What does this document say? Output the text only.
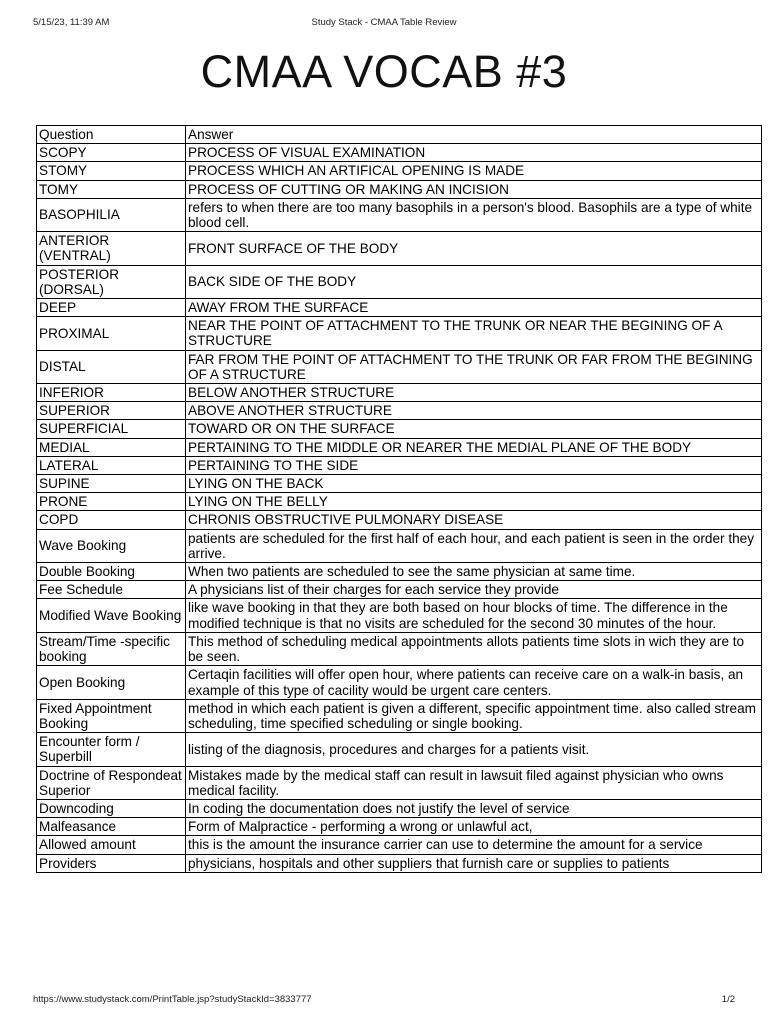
5/15/23, 11:39 AM	Study Stack - CMAA Table Review
CMAA VOCAB #3
Question	Answer
SCOPY	PROCESS OF VISUAL EXAMINATION
STOMY	PROCESS WHICH AN ARTIFICAL OPENING IS MADE
TOMY	PROCESS OF CUTTING OR MAKING AN INCISION
BASOPHILIA	refers to when there are too many basophils in a person's blood. Basophils are a type of white blood cell.
ANTERIOR (VENTRAL)	FRONT SURFACE OF THE BODY
POSTERIOR (DORSAL)	BACK SIDE OF THE BODY
DEEP	AWAY FROM THE SURFACE
PROXIMAL	NEAR THE POINT OF ATTACHMENT TO THE TRUNK OR NEAR THE BEGINING OF A STRUCTURE
DISTAL	FAR FROM THE POINT OF ATTACHMENT TO THE TRUNK OR FAR FROM THE BEGINING OF A STRUCTURE
INFERIOR	BELOW ANOTHER STRUCTURE
SUPERIOR	ABOVE ANOTHER STRUCTURE
SUPERFICIAL	TOWARD OR ON THE SURFACE
MEDIAL	PERTAINING TO THE MIDDLE OR NEARER THE MEDIAL PLANE OF THE BODY
LATERAL	PERTAINING TO THE SIDE
SUPINE	LYING ON THE BACK
PRONE	LYING ON THE BELLY
COPD	CHRONIS OBSTRUCTIVE PULMONARY DISEASE
Wave Booking	patients are scheduled for the first half of each hour, and each patient is seen in the order they arrive.
Double Booking	When two patients are scheduled to see the same physician at same time.
Fee Schedule	A physicians list of their charges for each service they provide
Modified Wave Booking	like wave booking in that they are both based on hour blocks of time. The difference in the modified technique is that no visits are scheduled for the second 30 minutes of the hour.
Stream/Time -specific booking	This method of scheduling medical appointments allots patients time slots in wich they are to be seen.
Open Booking	Certaqin facilities will offer open hour, where patients can receive care on a walk-in basis, an example of this type of cacility would be urgent care centers.
Fixed Appointment Booking	method in which each patient is given a different, specific appointment time. also called stream scheduling, time specified scheduling or single booking.
Encounter form / Superbill	listing of the diagnosis, procedures and charges for a patients visit.
Doctrine of Respondeat Superior	Mistakes made by the medical staff can result in lawsuit filed against physician who owns medical facility.
Downcoding	In coding the documentation does not justify the level of service
Malfeasance	Form of Malpractice - performing a wrong or unlawful act,
Allowed amount	this is the amount the insurance carrier can use to determine the amount for a service
Providers	physicians, hospitals and other suppliers that furnish care or supplies to patients
https://www.studystack.com/PrintTable.jsp?studyStackId=3833777	1/2
